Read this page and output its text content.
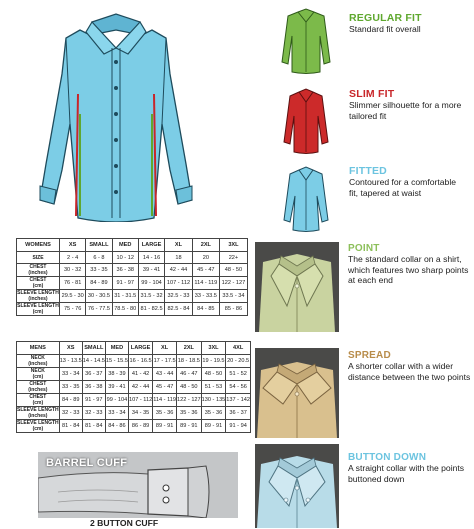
REGULAR FIT
Standard fit overall
SLIM FIT
Slimmer silhouette for a more
tailored fit
FITTED
Contoured for a comfortable
fit, tapered at waist
WOMENS	XS	SMALL	MED	LARGE	XL	2XL	3XL
SIZE	2 - 4	6 - 8	10 - 12	14 - 16	18	20	22+
CHEST
(inches)	30 - 32	33 - 35	36 - 38	39 - 41	42 - 44	45 - 47	48 - 50
CHEST
(cm)	76 - 81	84 - 89	91 - 97	99 - 104	107 - 112	114 - 119	122 - 127
SLEEVE LENGTH
(inches)	29.5 - 30	30 - 30.5	31 - 31.5	31.5 - 32	32.5 - 33	33 - 33.5	33.5 - 34
SLEEVE LENGTH
(cm)	75 - 76	76 - 77.5	78.5 - 80	81 - 82.5	82.5 - 84	84 - 85	85 - 86
MENS	XS	SMALL	MED	LARGE	XL	2XL	3XL	4XL
NECK
(inches)	13 - 13.5	14 - 14.5	15 - 15.5	16 - 16.5	17 - 17.5	18 - 18.5	19 - 19.5	20 - 20.5
NECK
(cm)	33 - 34	36 - 37	38 - 39	41 - 42	43 - 44	46 - 47	48 - 50	51 - 52
CHEST
(inches)	33 - 35	36 - 38	39 - 41	42 - 44	45 - 47	48 - 50	51 - 53	54 - 56
CHEST
(cm)	84 - 89	91 - 97	99 - 104	107 - 112	114 - 119	122 - 127	130 - 135	137 - 142
SLEEVE LENGTH
(inches)	32 - 33	32 - 33	33 - 34	34 - 35	35 - 36	35 - 36	35 - 36	36 - 37
SLEEVE LENGTH
(cm)	81 - 84	81 - 84	84 - 86	86 - 89	89 - 91	89 - 91	89 - 91	91 - 94
BARREL CUFF
2 BUTTON CUFF
POINT
The standard collar on a shirt,
which features two sharp points
at each end
SPREAD
A shorter collar with a wider
distance between the two points
BUTTON DOWN
A straight collar with the points
buttoned down
